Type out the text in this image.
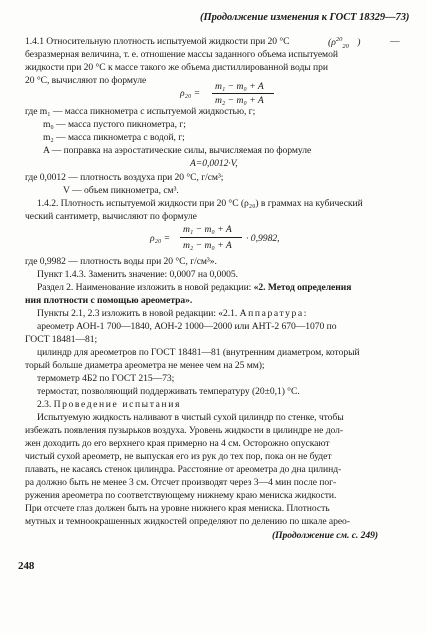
(Продолжение изменения к ГОСТ 18329—73)
1.4.1 Относительную плотность испытуемой жидкости при 20 °С	($\rho^{20}_{20}$ )	—
безразмерная величина, т. е. отношение массы заданного объема испытуемой
жидкости при 20 °С к массе такого же объема дистиллированной воды при
20 °С, вычисляют по формуле
ρ₂₀ =
m₁ − m₀ + A
m₂ − m₀ + A
где m₁ — масса пикнометра с испытуемой жидкостью, г;
m₀ — масса пустого пикнометра, г;
m₂ — масса пикнометра с водой, г;
A — поправка на аэростатические силы, вычисляемая по формуле
A=0,0012·V,
где 0,0012 — плотность воздуха при 20 °С, г/см³;
V — объем пикнометра, см³.
1.4.2. Плотность испытуемой жидкости при 20 °С (ρ₂₀) в граммах на кубический
ческий сантиметр, вычисляют по формуле
ρ₂₀ =
m₁ − m₀ + A
m₂ − m₀ + A
· 0,9982,
где 0,9982 — плотность воды при 20 °С, г/см³».
Пункт 1.4.3. Заменить значение: 0,0007 на 0,0005.
Раздел 2. Наименование изложить в новой редакции: «2. Метод определения
ния плотности с помощью ареометра».
Пункты 2.1, 2.3 изложить в новой редакции: «2.1. Аппаратура:
ареометр АОН-1 700—1840, АОН-2 1000—2000 или АНТ-2 670—1070 по
ГОСТ 18481—81;
цилиндр для ареометров по ГОСТ 18481—81 (внутренним диаметром, который
торый больше диаметра ареометра не менее чем на 25 мм);
термометр 4Б2 по ГОСТ 215—73;
термостат, позволяющий поддерживать температуру (20±0,1) °С.
2.3. Проведение испытания
Испытуемую жидкость наливают в чистый сухой цилиндр по стенке, чтобы
избежать появления пузырьков воздуха. Уровень жидкости в цилиндре не дол-
жен доходить до его верхнего края примерно на 4 см. Осторожно опускают
чистый сухой ареометр, не выпуская его из рук до тех пор, пока он не будет
плавать, не касаясь стенок цилиндра. Расстояние от ареометра до дна цилинд-
ра должно быть не менее 3 см. Отсчет производят через 3—4 мин после пог-
ружения ареометра по соответствующему нижнему краю мениска жидкости.
При отсчете глаз должен быть на уровне нижнего края мениска. Плотность
мутных и темноокрашенных жидкостей определяют по делению по шкале арео-
(Продолжение см. с. 249)
248
